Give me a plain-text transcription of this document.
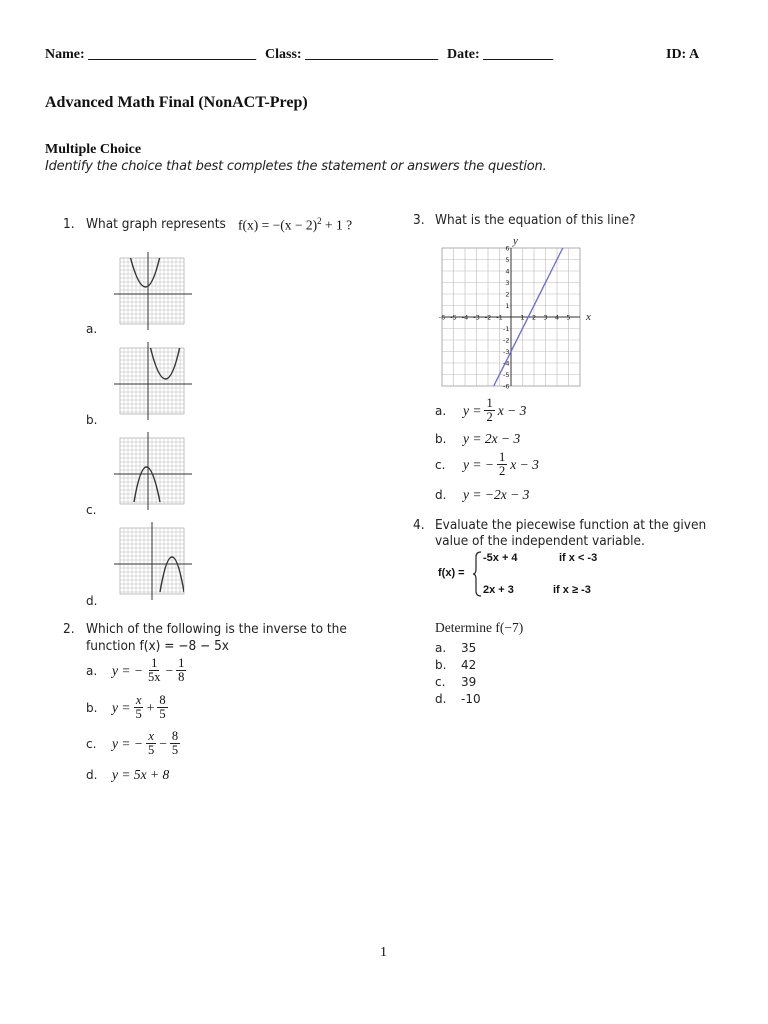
Name: ________________________ Class: ___________________ Date: __________	ID: A
Advanced Math Final (NonACT-Prep)
Multiple Choice
Identify the choice that best completes the statement or answers the question.
1. What graph represents $f(x) = -(x - 2)^2 + 1$ ?
a.
b.
c.
d.
2. Which of the following is the inverse to the
function f(x) = −8 − 5x
a. y = − $\frac{1}{5x} - \frac{1}{8}$
b. $y = \frac{x}{5} + \frac{8}{5}$
c. y = − $\frac{x}{5} - \frac{8}{5}$
d. y = 5x + 8
3. What is the equation of this line?
-6 -5 -4 -3 -2 -1	1 2 3 4 5
6
5
4
3
2
1
-1
-2
-3
-4
-5
-6
x
y
a. $y = \frac{1}{2}$ x − 3
b. y = 2x − 3
c. y = − $\frac{1}{2}$ x − 3
d. y = −2x − 3
4. Evaluate the piecewise function at the given
value of the independent variable.
f(x) =
-5x + 4	if x < -3
2x + 3	if x ≥ -3
Determine f(−7)
a. 35
b. 42
c. 39
d. -10
1
